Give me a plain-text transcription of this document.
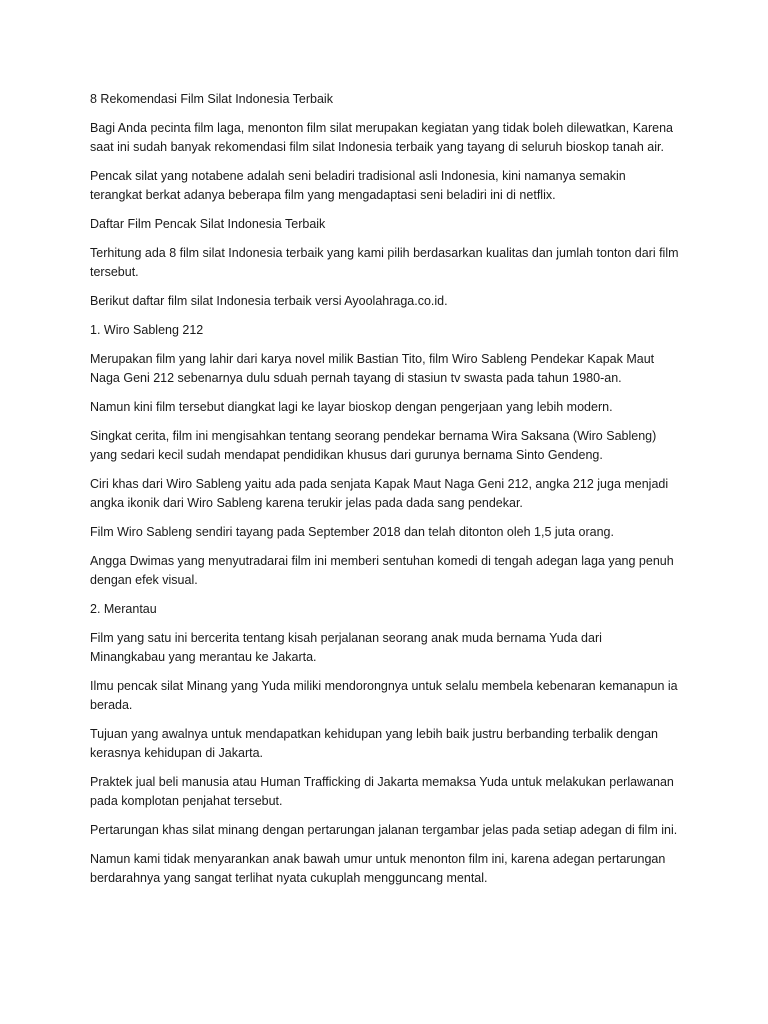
8 Rekomendasi Film Silat Indonesia Terbaik

Bagi Anda pecinta film laga, menonton film silat merupakan kegiatan yang tidak boleh dilewatkan, Karena saat ini sudah banyak rekomendasi film silat Indonesia terbaik yang tayang di seluruh bioskop tanah air.

Pencak silat yang notabene adalah seni beladiri tradisional asli Indonesia, kini namanya semakin terangkat berkat adanya beberapa film yang mengadaptasi seni beladiri ini di netflix.

Daftar Film Pencak Silat Indonesia Terbaik

Terhitung ada 8 film silat Indonesia terbaik yang kami pilih berdasarkan kualitas dan jumlah tonton dari film tersebut.

Berikut daftar film silat Indonesia terbaik versi Ayoolahraga.co.id.

1. Wiro Sableng 212

Merupakan film yang lahir dari karya novel milik Bastian Tito, film Wiro Sableng Pendekar Kapak Maut Naga Geni 212 sebenarnya dulu sduah pernah tayang di stasiun tv swasta pada tahun 1980-an.

Namun kini film tersebut diangkat lagi ke layar bioskop dengan pengerjaan yang lebih modern.

Singkat cerita, film ini mengisahkan tentang seorang pendekar bernama Wira Saksana (Wiro Sableng) yang sedari kecil sudah mendapat pendidikan khusus dari gurunya bernama Sinto Gendeng.

Ciri khas dari Wiro Sableng yaitu ada pada senjata Kapak Maut Naga Geni 212, angka 212 juga menjadi angka ikonik dari Wiro Sableng karena terukir jelas pada dada sang pendekar.

Film Wiro Sableng sendiri tayang pada September 2018 dan telah ditonton oleh 1,5 juta orang.

Angga Dwimas yang menyutradarai film ini memberi sentuhan komedi di tengah adegan laga yang penuh dengan efek visual.

2. Merantau

Film yang satu ini bercerita tentang kisah perjalanan seorang anak muda bernama Yuda dari Minangkabau yang merantau ke Jakarta.

Ilmu pencak silat Minang yang Yuda miliki mendorongnya untuk selalu membela kebenaran kemanapun ia berada.

Tujuan yang awalnya untuk mendapatkan kehidupan yang lebih baik justru berbanding terbalik dengan kerasnya kehidupan di Jakarta.

Praktek jual beli manusia atau Human Trafficking di Jakarta memaksa Yuda untuk melakukan perlawanan pada komplotan penjahat tersebut.

Pertarungan khas silat minang dengan pertarungan jalanan tergambar jelas pada setiap adegan di film ini.

Namun kami tidak menyarankan anak bawah umur untuk menonton film ini, karena adegan pertarungan berdarahnya yang sangat terlihat nyata cukuplah mengguncang mental.
